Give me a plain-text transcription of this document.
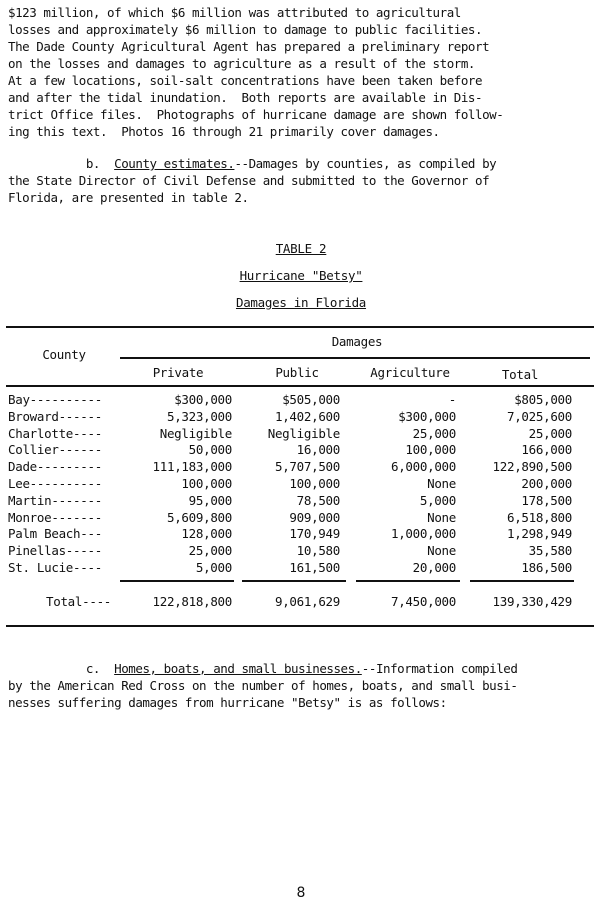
$123 million, of which $6 million was attributed to agricultural
losses and approximately $6 million to damage to public facilities.
The Dade County Agricultural Agent has prepared a preliminary report
on the losses and damages to agriculture as a result of the storm.
At a few locations, soil-salt concentrations have been taken before
and after the tidal inundation.  Both reports are available in Dis-
trict Office files.  Photographs of hurricane damage are shown follow-
ing this text.  Photos 16 through 21 primarily cover damages.
b.  County estimates.--Damages by counties, as compiled by
the State Director of Civil Defense and submitted to the Governor of
Florida, are presented in table 2.
TABLE 2
Hurricane "Betsy"
Damages in Florida
County
Damages
Private	Public	Agriculture	Total
Bay----------	$300,000	$505,000	-	$805,000
Broward------	5,323,000	1,402,600	$300,000	7,025,600
Charlotte----	Negligible	Negligible	25,000	25,000
Collier------	50,000	16,000	100,000	166,000
Dade---------	111,183,000	5,707,500	6,000,000	122,890,500
Lee----------	100,000	100,000	None	200,000
Martin-------	95,000	78,500	5,000	178,500
Monroe-------	5,609,800	909,000	None	6,518,800
Palm Beach---	128,000	170,949	1,000,000	1,298,949
Pinellas-----	25,000	10,580	None	35,580
St. Lucie----	5,000	161,500	20,000	186,500
Total----	122,818,800	9,061,629	7,450,000	139,330,429
c.  Homes, boats, and small businesses.--Information compiled
by the American Red Cross on the number of homes, boats, and small busi-
nesses suffering damages from hurricane "Betsy" is as follows:
8
